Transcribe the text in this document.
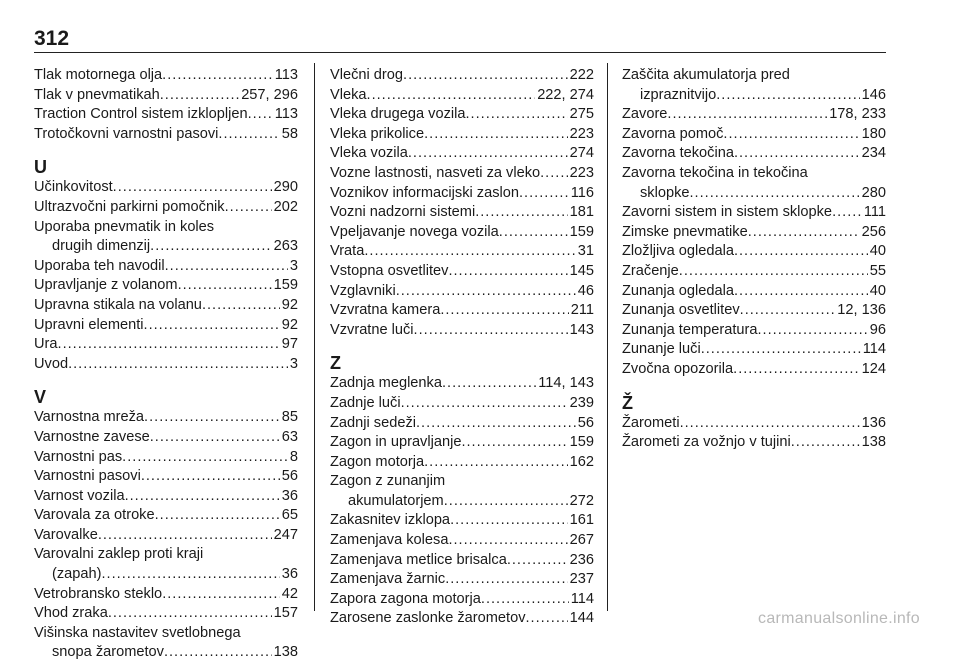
312
Tlak motornega olja .....	113
Tlak v pnevmatikah .....	257, 296
Traction Control sistem izklopljen ..... 113
Trotočkovni varnostni pasovi .....	58
U
Učinkovitost .....	290
Ultrazvočni parkirni pomočnik .....	202
Uporaba pnevmatik in koles
drugih dimenzij .....	263
Uporaba teh navodil .....	3
Upravljanje z volanom .....	159
Upravna stikala na volanu .....	92
Upravni elementi .....	92
Ura .....	97
Uvod .....	3
V
Varnostna mreža .....	85
Varnostne zavese .....	63
Varnostni pas .....	8
Varnostni pasovi .....	56
Varnost vozila .....	36
Varovala za otroke .....	65
Varovalke .....	247
Varovalni zaklep proti kraji
(zapah) .....	36
Vetrobransko steklo .....	42
Vhod zraka .....	157
Višinska nastavitev svetlobnega
snopa žarometov .....	138
Vlečni drog .....	222
Vleka .....	222, 274
Vleka drugega vozila .....	275
Vleka prikolice .....	223
Vleka vozila .....	274
Vozne lastnosti, nasveti za vleko ..... 223
Voznikov informacijski zaslon .....	116
Vozni nadzorni sistemi .....	181
Vpeljavanje novega vozila .....	159
Vrata .....	31
Vstopna osvetlitev .....	145
Vzglavniki .....	46
Vzvratna kamera .....	211
Vzvratne luči .....	143
Z
Zadnja meglenka .....	114, 143
Zadnje luči .....	239
Zadnji sedeži .....	56
Zagon in upravljanje .....	159
Zagon motorja .....	162
Zagon z zunanjim
akumulatorjem .....	272
Zakasnitev izklopa .....	161
Zamenjava kolesa .....	267
Zamenjava metlice brisalca .....	236
Zamenjava žarnic .....	237
Zapora zagona motorja .....	114
Zarosene zaslonke žarometov .....	144
Zaščita akumulatorja pred
izpraznitvijo .....	146
Zavore .....	178, 233
Zavorna pomoč .....	180
Zavorna tekočina .....	234
Zavorna tekočina in tekočina
sklopke .....	280
Zavorni sistem in sistem sklopke ..... 111
Zimske pnevmatike .....	256
Zložljiva ogledala .....	40
Zračenje .....	55
Zunanja ogledala .....	40
Zunanja osvetlitev .....	12, 136
Zunanja temperatura .....	96
Zunanje luči .....	114
Zvočna opozorila .....	124
Ž
Žarometi .....	136
Žarometi za vožnjo v tujini .....	138
carmanualsonline.info
